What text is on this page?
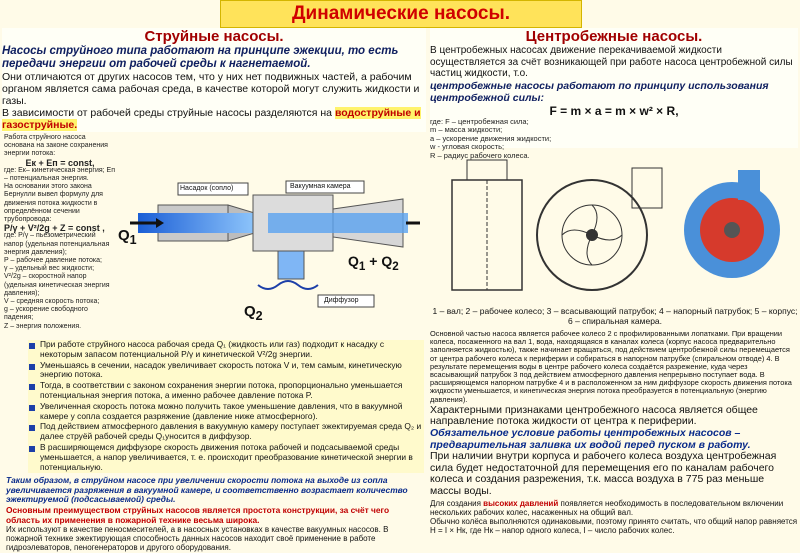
Динамические насосы.
Струйные насосы.
Насосы струйного типа работают на принципе эжекции, то есть передачи энергии от рабочей среды к нагнетаемой.
Они отличаются от других насосов тем, что у них нет подвижных частей, а рабочим органом является сама рабочая среда, в качестве которой могут служить жидкости и газы.
В зависимости от рабочей среды струйные насосы разделяются на водоструйные и газоструйные.
Работа струйного насоса основана на законе сохранения энергии потока:
Eк + Eп = const,
где: Eк– кинетическая энергия; Eп – потенциальная энергия.
На основании этого закона Бернулли вывел формулу для движения потока жидкости в определённом сечении трубопровода:
P/γ + V²/2g + Z = const ,
где: P/γ – пьезометрический напор (удельная потенциальная энергия давления);
P – рабочее давление потока;
γ – удельный вес жидкости;
V²/2g – скоростной напор (удельная кинетическая энергия давления);
V – средняя скорость потока;
g – ускорение свободного падения;
Z – энергия положения.
Насадок (сопло)	Вакуумная камера
Диффузор
$Q_1$
$Q_2$
$Q_1 + Q_2$
При работе струйного насоса рабочая среда Q₁ (жидкость или газ) подходит к насадку с некоторым запасом потенциальной P/γ и кинетической V²/2g энергии.
Уменьшаясь в сечении, насадок увеличивает скорость потока V и, тем самым, кинетическую энергию потока.
Тогда, в соответствии с законом сохранения энергии потока, пропорционально уменьшается потенциальная энергия потока, а именно рабочее давление потока P.
Увеличенная скорость потока можно получить такое уменьшение давления, что в вакуумной камере у сопла создается разряжение (давление ниже атмосферного).
Под действием атмосферного давления в вакуумную камеру поступает эжектируемая среда Q₂ и далее струёй рабочей среды Q₁уносится в диффузор.
В расширяющемся диффузоре скорость движения потока рабочей и подсасываемой среды уменьшается, а напор увеличивается, т. е. происходит преобразование кинетической энергии в потенциальную.
Таким образом, в струйном насосе при увеличении скорости потока на выходе из сопла увеличивается разряжения в вакуумной камере, и соответственно возрастает количество эжектируемой (подсасываемой) среды.
Основным преимуществом струйных насосов является простота конструкции, за счёт чего область их применения в пожарной технике весьма широка.
Их используют в качестве пеносмесителей, а в насосных установках в качестве вакуумных насосов. В пожарной технике эжектирующая способность данных насосов находит своё применение в работе гидроэлеваторов, пеногенераторов и другого оборудования.
Центробежные насосы.
В центробежных насосах движение перекачиваемой жидкости осуществляется за счёт возникающей при работе насоса центробежной силы частиц жидкости, т.о.
центробежные насосы работают по принципу использования центробежной силы:
F = m × a = m × w² × R,
где: F – центробежная сила;
m – масса жидкости;
a – ускорение движения жидкости;
w - угловая скорость;
R – радиус рабочего колеса.
1 – вал; 2 – рабочее колесо; 3 – всасывающий патрубок; 4 – напорный патрубок; 5 – корпус; 6 – спиральная камера.
Основной частью насоса является рабочее колесо 2 с профилированными лопатками. При вращении колеса, посаженного на вал 1, вода, находящаяся в каналах колеса (корпус насоса предварительно заполняется жидкостью), также начинает вращаться, под действием центробежной силы перемещается от центра рабочего колеса к периферии и собираться в напорном патрубке (спиральном отводе) 4. В результате перемещения воды в центре рабочего колеса создаётся разрежение, куда через всасывающий патрубок 3 под действием атмосферного давления непрерывно поступает вода. В расширяющемся напорном патрубке 4 и в расположенном за ним диффузоре скорость движения потока жидкости уменьшается, и кинетическая энергия потока преобразуется в потенциальную (энергию давления).
Характерными признаками центробежного насоса является общее направление потока жидкости от центра к периферии.
Обязательное условие работы центробежных насосов – предварительная заливка их водой перед пуском в работу.
При наличии внутри корпуса и рабочего колеса воздуха центробежная сила будет недостаточной для перемещения его по каналам рабочего колеса и создания разрежения, т.к. масса воздуха в 775 раз меньше массы воды.
Для создания высоких давлений появляется необходимость в последовательном включении нескольких рабочих колес, насаженных на общий вал.
Обычно колёса выполняются одинаковыми, поэтому принято считать, что общий напор равняется H = I × Hк, где Hк – напор одного колеса, I – число рабочих колес.
